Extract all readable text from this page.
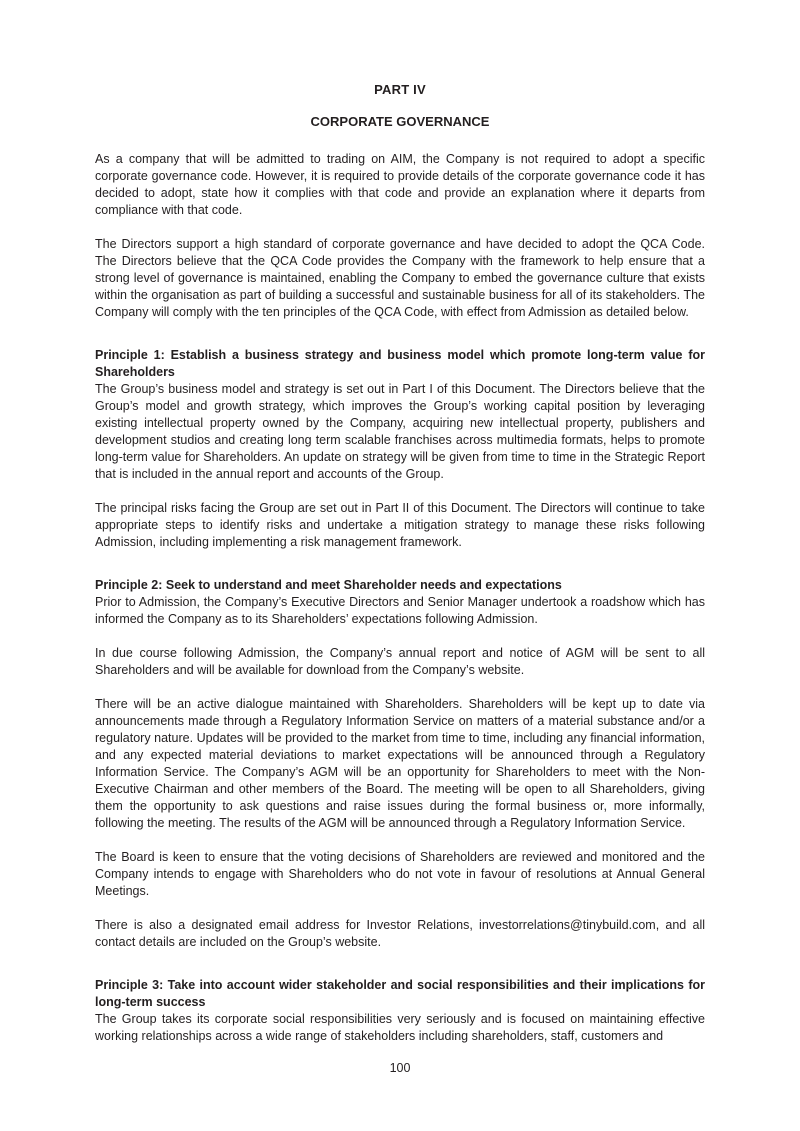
PART IV
CORPORATE GOVERNANCE

As a company that will be admitted to trading on AIM, the Company is not required to adopt a specific corporate governance code. However, it is required to provide details of the corporate governance code it has decided to adopt, state how it complies with that code and provide an explanation where it departs from compliance with that code.

The Directors support a high standard of corporate governance and have decided to adopt the QCA Code. The Directors believe that the QCA Code provides the Company with the framework to help ensure that a strong level of governance is maintained, enabling the Company to embed the governance culture that exists within the organisation as part of building a successful and sustainable business for all of its stakeholders. The Company will comply with the ten principles of the QCA Code, with effect from Admission as detailed below.

Principle 1: Establish a business strategy and business model which promote long-term value for Shareholders

The Group’s business model and strategy is set out in Part I of this Document. The Directors believe that the Group’s model and growth strategy, which improves the Group’s working capital position by leveraging existing intellectual property owned by the Company, acquiring new intellectual property, publishers and development studios and creating long term scalable franchises across multimedia formats, helps to promote long-term value for Shareholders. An update on strategy will be given from time to time in the Strategic Report that is included in the annual report and accounts of the Group.

The principal risks facing the Group are set out in Part II of this Document. The Directors will continue to take appropriate steps to identify risks and undertake a mitigation strategy to manage these risks following Admission, including implementing a risk management framework.

Principle 2: Seek to understand and meet Shareholder needs and expectations

Prior to Admission, the Company’s Executive Directors and Senior Manager undertook a roadshow which has informed the Company as to its Shareholders’ expectations following Admission.

In due course following Admission, the Company’s annual report and notice of AGM will be sent to all Shareholders and will be available for download from the Company’s website.

There will be an active dialogue maintained with Shareholders. Shareholders will be kept up to date via announcements made through a Regulatory Information Service on matters of a material substance and/or a regulatory nature. Updates will be provided to the market from time to time, including any financial information, and any expected material deviations to market expectations will be announced through a Regulatory Information Service. The Company’s AGM will be an opportunity for Shareholders to meet with the Non-Executive Chairman and other members of the Board. The meeting will be open to all Shareholders, giving them the opportunity to ask questions and raise issues during the formal business or, more informally, following the meeting. The results of the AGM will be announced through a Regulatory Information Service.

The Board is keen to ensure that the voting decisions of Shareholders are reviewed and monitored and the Company intends to engage with Shareholders who do not vote in favour of resolutions at Annual General Meetings.

There is also a designated email address for Investor Relations, investorrelations@tinybuild.com, and all contact details are included on the Group’s website.

Principle 3: Take into account wider stakeholder and social responsibilities and their implications for long-term success

The Group takes its corporate social responsibilities very seriously and is focused on maintaining effective working relationships across a wide range of stakeholders including shareholders, staff, customers and

100
